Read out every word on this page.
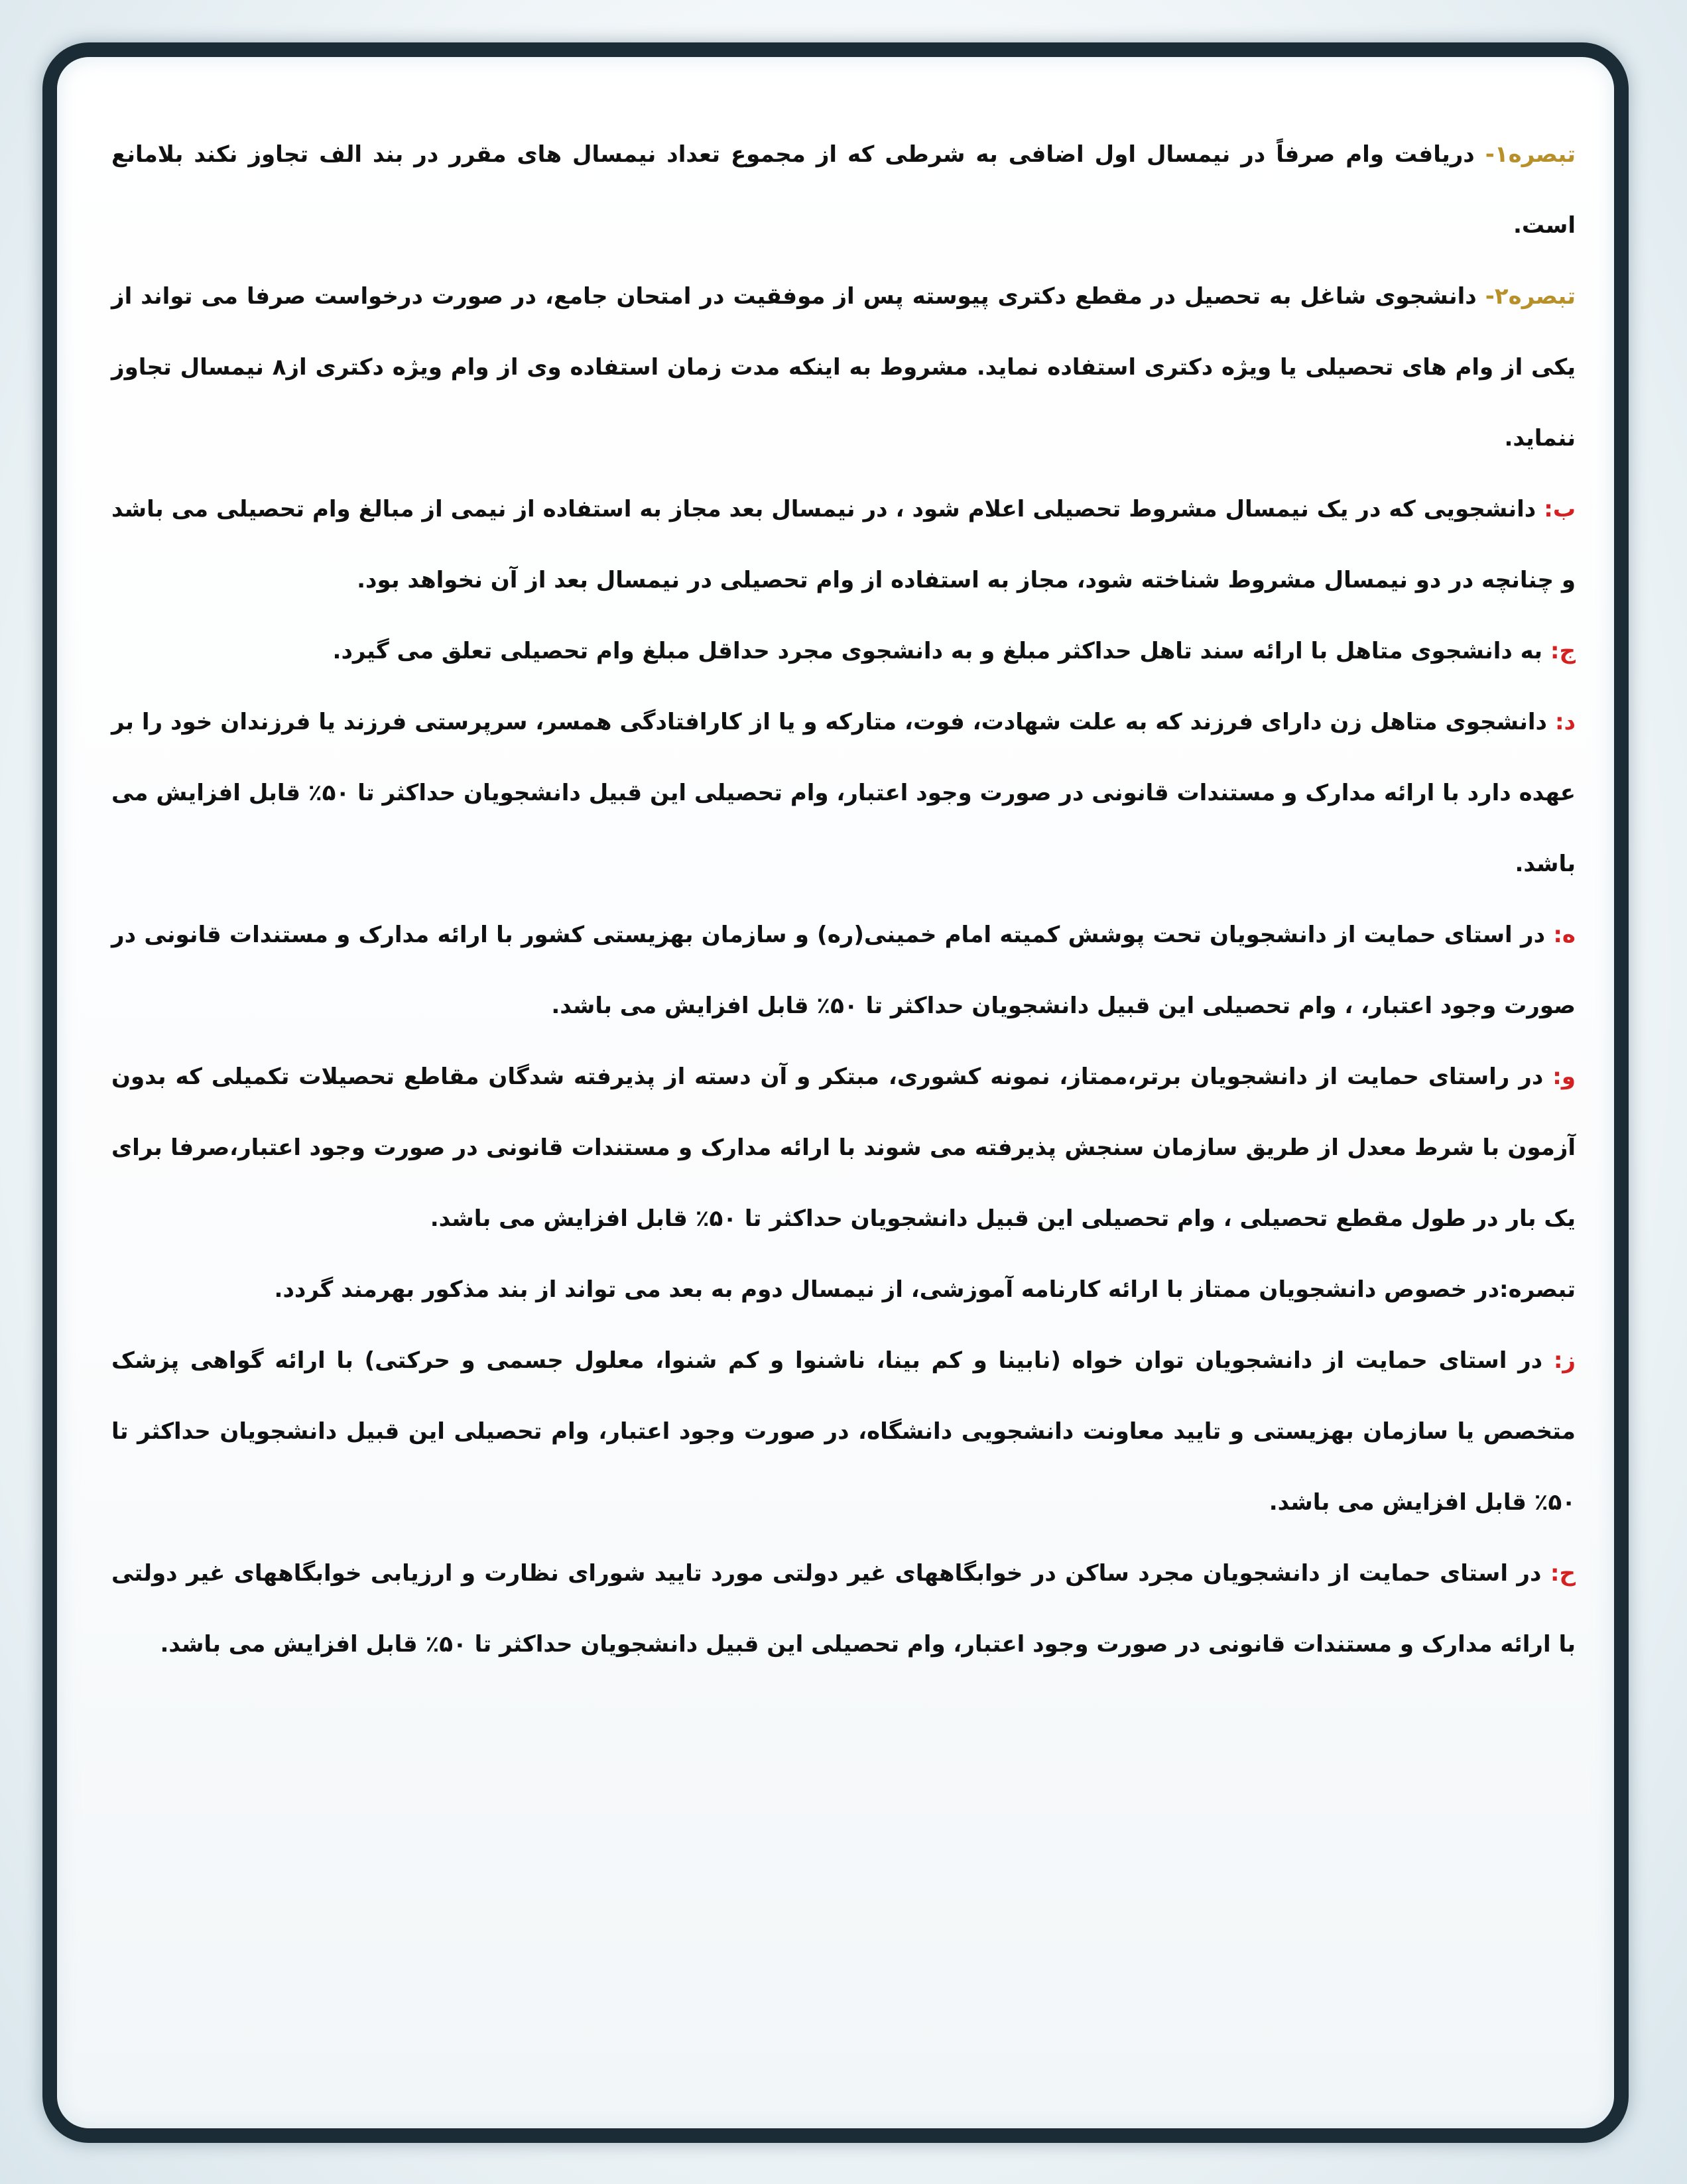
تبصره۱- دریافت وام صرفاً در نیمسال اول اضافی به شرطی که از مجموع تعداد نیمسال های مقرر در بند الف تجاوز نکند بلامانع است.

تبصره۲- دانشجوی شاغل به تحصیل در مقطع دکتری پیوسته پس از موفقیت در امتحان جامع، در صورت درخواست صرفا می تواند از یکی از وام های تحصیلی یا ویژه دکتری استفاده نماید. مشروط به اینکه مدت زمان استفاده وی از وام ویژه دکتری از۸ نیمسال تجاوز ننماید.

ب: دانشجویی که در یک نیمسال مشروط تحصیلی اعلام شود ، در نیمسال بعد مجاز به استفاده از نیمی از مبالغ وام تحصیلی می باشد و چنانچه در دو نیمسال مشروط شناخته شود، مجاز به استفاده از وام تحصیلی در نیمسال بعد از آن نخواهد بود.

ج: به دانشجوی متاهل با ارائه سند تاهل حداکثر مبلغ و به دانشجوی مجرد حداقل مبلغ وام تحصیلی تعلق می گیرد.

د: دانشجوی متاهل زن دارای فرزند که به علت شهادت، فوت، متارکه و یا از کارافتادگی همسر، سرپرستی فرزند یا فرزندان خود را بر عهده دارد با ارائه مدارک و مستندات قانونی در صورت وجود اعتبار، وام تحصیلی این قبیل دانشجویان حداکثر تا ۵۰٪ قابل افزایش می باشد.

ه: در استای حمایت از دانشجویان تحت پوشش کمیته امام خمینی(ره) و سازمان بهزیستی کشور با ارائه مدارک و مستندات قانونی در صورت وجود اعتبار، ، وام تحصیلی این قبیل دانشجویان حداکثر تا ۵۰٪ قابل افزایش می باشد.

و: در راستای حمایت از دانشجویان برتر،ممتاز، نمونه کشوری، مبتکر و آن دسته از پذیرفته شدگان مقاطع تحصیلات تکمیلی که بدون آزمون با شرط معدل از طریق سازمان سنجش پذیرفته می شوند با ارائه مدارک و مستندات قانونی در صورت وجود اعتبار،صرفا برای یک بار در طول مقطع تحصیلی ، وام تحصیلی این قبیل دانشجویان حداکثر تا ۵۰٪ قابل افزایش می باشد.

تبصره:در خصوص دانشجویان ممتاز با ارائه کارنامه آموزشی، از نیمسال دوم به بعد می تواند از بند مذکور بهرمند گردد.

ز: در استای حمایت از دانشجویان توان خواه (نابینا و کم بینا، ناشنوا و کم شنوا، معلول جسمی و حرکتی) با ارائه گواهی پزشک متخصص یا سازمان بهزیستی و تایید معاونت دانشجویی دانشگاه، در صورت وجود اعتبار، وام تحصیلی این قبیل دانشجویان حداکثر تا ۵۰٪ قابل افزایش می باشد.

ح: در استای حمایت از دانشجویان مجرد ساکن در خوابگاههای غیر دولتی مورد تایید شورای نظارت و ارزیابی خوابگاههای غیر دولتی با ارائه مدارک و مستندات قانونی در صورت وجود اعتبار، وام تحصیلی این قبیل دانشجویان حداکثر تا ۵۰٪ قابل افزایش می باشد.
